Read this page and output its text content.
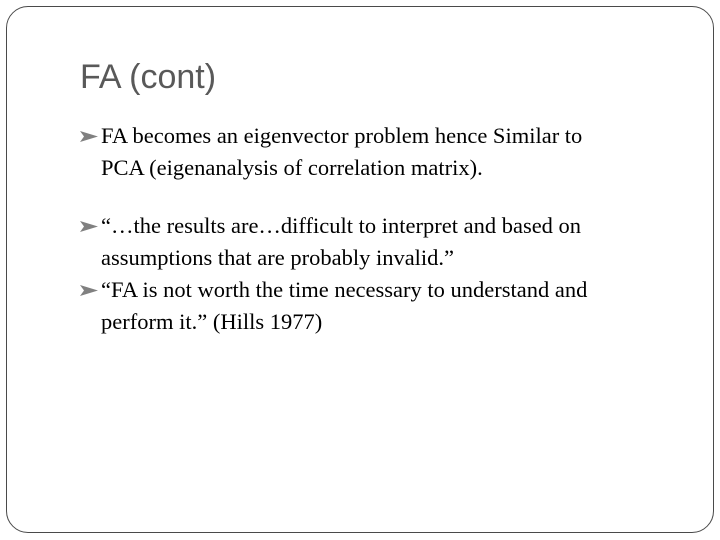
FA (cont)
FA becomes an eigenvector problem hence Similar to
PCA (eigenanalysis of correlation matrix).
“…the results are…difficult to interpret and based on
assumptions that are probably invalid.”
“FA is not worth the time necessary to understand and
perform it.” (Hills 1977)
